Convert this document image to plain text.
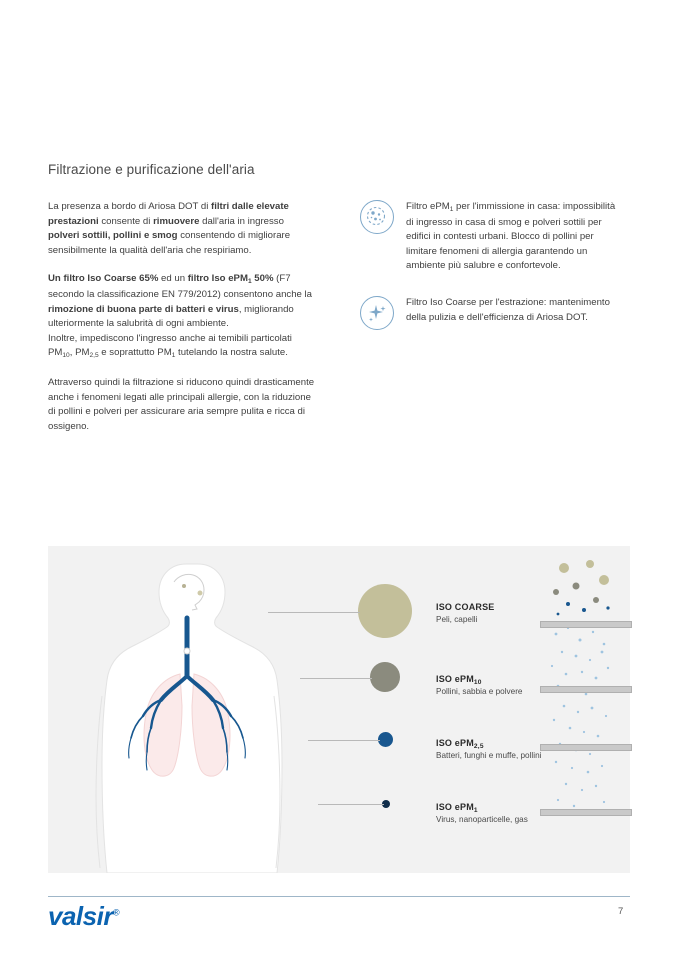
Filtrazione e purificazione dell'aria

La presenza a bordo di Ariosa DOT di filtri dalle elevate prestazioni consente di rimuovere dall'aria in ingresso polveri sottili, pollini e smog consentendo di migliorare sensibilmente la qualità dell'aria che respiriamo.

Un filtro Iso Coarse 65% ed un filtro Iso ePM$_1$ 50% (F7 secondo la classificazione EN 779/2012) consentono anche la rimozione di buona parte di batteri e virus, migliorando ulteriormente la salubrità di ogni ambiente.
Inoltre, impediscono l'ingresso anche ai temibili particolati $PM_{10}$, $PM_{2,5}$ e soprattutto $PM_1$ tutelando la nostra salute.

Attraverso quindi la filtrazione si riducono quindi drasticamente anche i fenomeni legati alle principali allergie, con la riduzione di pollini e polveri per assicurare aria sempre pulita e ricca di ossigeno.

Filtro ePM$_1$ per l'immissione in casa: impossibilità di ingresso in casa di smog e polveri sottili per edifici in contesti urbani. Blocco di pollini per limitare fenomeni di allergia garantendo un ambiente più salubre e confortevole.
Filtro Iso Coarse per l'estrazione: mantenimento della pulizia e dell'efficienza di Ariosa DOT.
ISO COARSE
Peli, capelli
ISO ePM$_{10}$
Pollini, sabbia e polvere
ISO ePM$_{2,5}$
Batteri, funghi e muffe, pollini
ISO ePM$_1$
Virus, nanoparticelle, gas
valsir®	7
